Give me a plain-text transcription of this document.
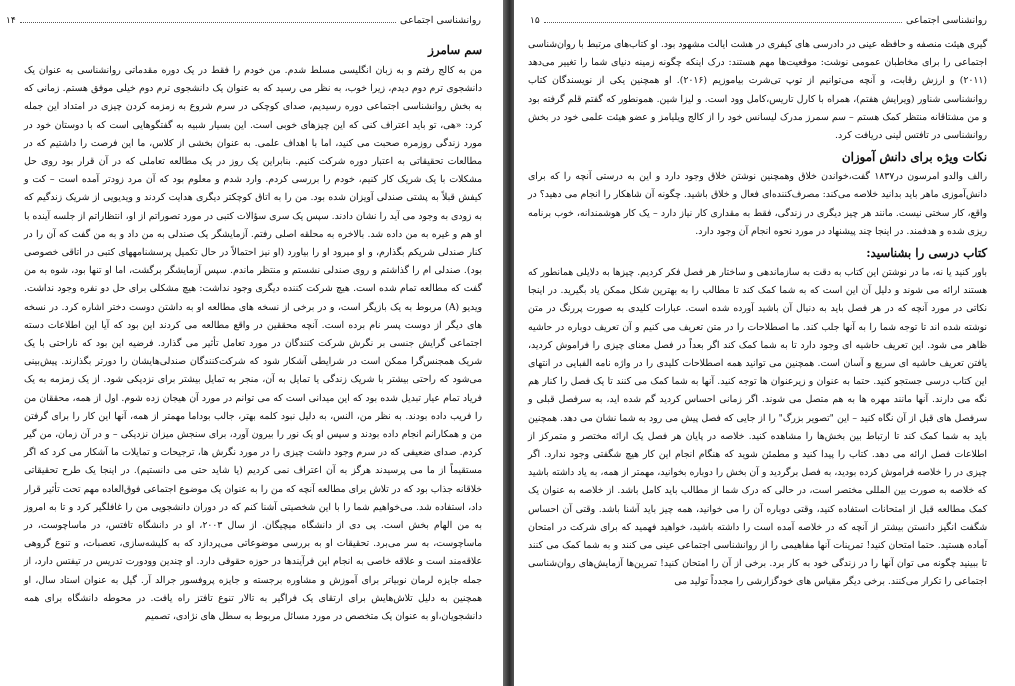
روانشناسی اجتماعی
۱۴
سم سامرز

من به کالج رفتم و به زبان انگلیسی مسلط شدم. من خودم را فقط در یک دوره مقدماتی روانشناسی به عنوان یک دانشجوی ترم دوم دیدم، زیرا خوب، به نظر می رسید که به عنوان یک دانشجوی ترم دوم خیلی موفق هستم. زمانی که به بخش روانشناسی اجتماعی دوره رسیدیم، صدای کوچکی در سرم شروع به زمزمه کردن چیزی در امتداد این جمله کرد: «هی، تو باید اعتراف کنی که این چیزهای خوبی است. این بسیار شبیه به گفتگوهایی است که با دوستان خود در مورد زندگی روزمره صحبت می کنید، اما با اهداف علمی. به عنوان بخشی از کلاس، ما این فرصت را داشتیم که در مطالعات تحقیقاتی به اعتبار دوره شرکت کنیم. بنابراین یک روز در یک مطالعه تعاملی که در آن قرار بود روی حل مشکلات با یک شریک کار کنیم، خودم را بررسی کردم. وارد شدم و معلوم بود که آن مرد زودتر آمده است – کت و کیفش قبلاً به پشتی صندلی آویزان شده بود. من را به اتاق کوچکتر دیگری هدایت کردند و ویدیویی از شریک زندگیم که به زودی به وجود می آید را نشان دادند. سپس یک سری سؤالات کتبی در مورد تصوراتم از او، انتظاراتم از جلسه آینده با او هم و غیره به من داده شد. بالاخره به محلقه اصلی رفتم. آزمایشگر یک صندلی به من داد و به من گفت که آن را در کنار صندلی شریکم بگذارم، و او میرود او را بیاورد (او نیز احتمالاً در حال تکمیل پرسشنامههای کتبی در اتاقی خصوصی بود). صندلی ام را گذاشتم و روی صندلی نشستم و منتظر ماندم. سپس آزمایشگر برگشت، اما او تنها بود، شوه به من گفت که مطالعه تمام شده است. هیچ شرکت کننده دیگری وجود نداشت: هیچ مشکلی برای حل دو نفره وجود نداشت. ویدیو (A) مربوط به یک بازیگر است، و در برخی از نسخه های مطالعه او به داشتن دوست دختر اشاره کرد. در نسخه های دیگر از دوست پسر نام برده است. آنچه محققین در واقع مطالعه می کردند این بود که آیا این اطلاعات دسته اجتماعی گرایش جنسی بر نگرش شرکت کنندگان در مورد تعامل تأثیر می گذارد. فرضیه این بود که ناراحتی با یک شریک همجنس‌گرا ممکن است در شرایطی آشکار شود که شرکت‌کنندگان صندلی‌هایشان را دورتر بگذارند. پیش‌بینی می‌شود که راحتی بیشتر با شریک زندگی یا تمایل به آن، منجر به تمایل بیشتر برای نزدیکی شود. از یک زمزمه به یک فریاد تمام عیار تبدیل شده بود که این میدانی است که می توانم در مورد آن هیجان زده شوم. اول از همه، محققان من را فریب داده بودند. به نظر من، النس، به دلیل نبود کلمه بهتر، جالب بوداما مهمتر از همه، آنها این کار را برای گرفتن من و همکارانم انجام داده بودند و سپس او یک نور را بیرون آورد، برای سنجش میزان نزدیکی – و در آن زمان، من گیر کردم. صدای ضعیفی که در سرم وجود داشت چیزی را در مورد نگرش ها، ترجیحات و تمایلات ما آشکار می کرد که اگر مستقیماً از ما می پرسیدند هرگز به آن اعتراف نمی کردیم (یا شاید حتی می دانستیم). در اینجا یک طرح تحقیقاتی خلاقانه جذاب بود که در تلاش برای مطالعه آنچه که من را به عنوان یک موضوع اجتماعی فوق‌العاده مهم تحت تأثیر قرار داد، استفاده شد. می‌خواهیم شما را با این شخصیتی آشنا کنم که در دوران دانشجویی من را غافلگیر کرد و تا به امروز به من الهام بخش است. پی دی از دانشگاه میچیگان. از سال ۲۰۰۳، او در دانشگاه تافتس، در ماساچوست، در ماساچوست، به سر می‌برد. تحقیقات او به بررسی موضوعاتی می‌پردازد که به کلیشه‌سازی، تعصبات، و تنوع گروهی علاقه‌مند است و علاقه خاصی به انجام این فرآیندها در حوزه حقوقی دارد. او چندین وودورت تدریس در تیفتس دارد، از جمله جایزه لرمان نوبیاتر برای آموزش و مشاوره برجسته و جایزه پروفسور جرالد آر. گیل به عنوان استاد سال، او همچنین به دلیل تلاش‌هایش برای ارتقای یک فراگیر به تالار تنوع تافتز راه یافت. در محوطه دانشگاه برای همه دانشجویان،او به عنوان یک متخصص در مورد مسائل مربوط به سطل های نژادی، تصمیم

روانشناسی اجتماعی
۱۵

گیری هیئت منصفه و حافظه عینی در دادرسی های کیفری در هشت ایالت مشهود بود. او کتاب‌های مرتبط با روان‌شناسی اجتماعی را برای مخاطبان عمومی نوشت: موقعیت‌ها مهم هستند: درک اینکه چگونه زمینه دنیای شما را تغییر می‌دهد (۲۰۱۱) و ارزش رقابت، و آنچه می‌توانیم از توپ تی‌شرت بیاموزیم (۲۰۱۶). او همچنین یکی از نویسندگان کتاب روانشناسی شناور (ویرایش هفتم)، همراه با کارل تاریس،کامل وود است. و لیزا شین. همونطور که گفتم قلم گرفته بود و من مشتاقانه منتظر کمک هستم – سم سمرز مدرک لیسانس خود را از کالج ویلیامز و عضو هیئت علمی خود در بخش روانشناسی در تافتس لینی دریافت کرد.

نکات ویژه برای دانش آموزان

رالف والدو امرسون در۱۸۳۷ گفت،خواندن خلاق وهمچنین نوشتن خلاق وجود دارد و این به درستی آنچه را که برای دانش‌آموزی ماهر باید بدانید خلاصه می‌کند: مصرف‌کننده‌ای فعال و خلاق باشید. چگونه آن شاهکار را انجام می دهید؟ در واقع، کار سختی نیست. مانند هر چیز دیگری در زندگی، فقط به مقداری کار نیاز دارد – یک کار هوشمندانه، خوب برنامه ریزی شده و هدفمند. در اینجا چند پیشنهاد در مورد نحوه انجام آن وجود دارد.

کتاب درسی را بشناسید:

باور کنید یا نه، ما در نوشتن این کتاب به دقت به سازماندهی و ساختار هر فصل فکر کردیم. چیزها به دلایلی همانطور که هستند ارائه می شوند و دلیل آن این است که به شما کمک کند تا مطالب را به بهترین شکل ممکن یاد بگیرید. در اینجا نکاتی در مورد آنچه که در هر فصل باید به دنبال آن باشید آورده شده است. عبارات کلیدی به صورت پررنگ در متن نوشته شده اند تا توجه شما را به آنها جلب کند. ما اصطلاحات را در متن تعریف می کنیم و آن تعریف دوباره در حاشیه ظاهر می شود. این تعریف حاشیه ای وجود دارد تا به شما کمک کند اگر بعداً در فصل معنای چیزی را فراموش کردید، یافتن تعریف حاشیه ای سریع و آسان است. همچنین می توانید همه اصطلاحات کلیدی را در واژه نامه الفبایی در انتهای این کتاب درسی جستجو کنید. حتما به عنوان و زیرعنوان ها توجه کنید. آنها به شما کمک می کنند تا یک فصل را کنار هم نگه می دارند. آنها مانند مهره ها به هم متصل می شوند. اگر زمانی احساس کردید گم شده اید، به سرفصل قبلی و سرفصل های قبل از آن نگاه کنید – این "تصویر بزرگ" را از جایی که فصل پیش می رود به شما نشان می دهد. همچنین باید به شما کمک کند تا ارتباط بین بخش‌ها را مشاهده کنید. خلاصه در پایان هر فصل یک ارائه مختصر و متمرکز از اطلاعات فصل ارائه می دهد. کتاب را پیدا کنید و مطمئن شوید که هنگام انجام این کار هیچ شگفتی وجود ندارد. اگر چیزی در را خلاصه فراموش کرده بودید، به فصل برگردید و آن بخش را دوباره بخوانید، مهمتر از همه، به یاد داشته باشید که خلاصه به صورت بین المللی مختصر است، در حالی که درک شما از مطالب باید کامل باشد. از خلاصه به عنوان یک کمک مطالعه قبل از امتحانات استفاده کنید، وقتی دوباره آن را می خوانید، همه چیز باید آشنا باشد. وقتی آن احساس شگفت انگیز دانستن بیشتر از آنچه که در خلاصه آمده است را داشته باشید، خواهید فهمید که برای شرکت در امتحان آماده هستید. حتما امتحان کنید! تمرینات آنها مفاهیمی را از روانشناسی اجتماعی عینی می کنند و به شما کمک می کنند تا ببینید چگونه می توان آنها را در زندگی خود به کار برد. برخی از آن را امتحان کنید! تمرین‌ها آزمایش‌های روان‌شناسی اجتماعی را تکرار می‌کنند. برخی دیگر مقیاس های خودگزارشی را مجدداً تولید می
